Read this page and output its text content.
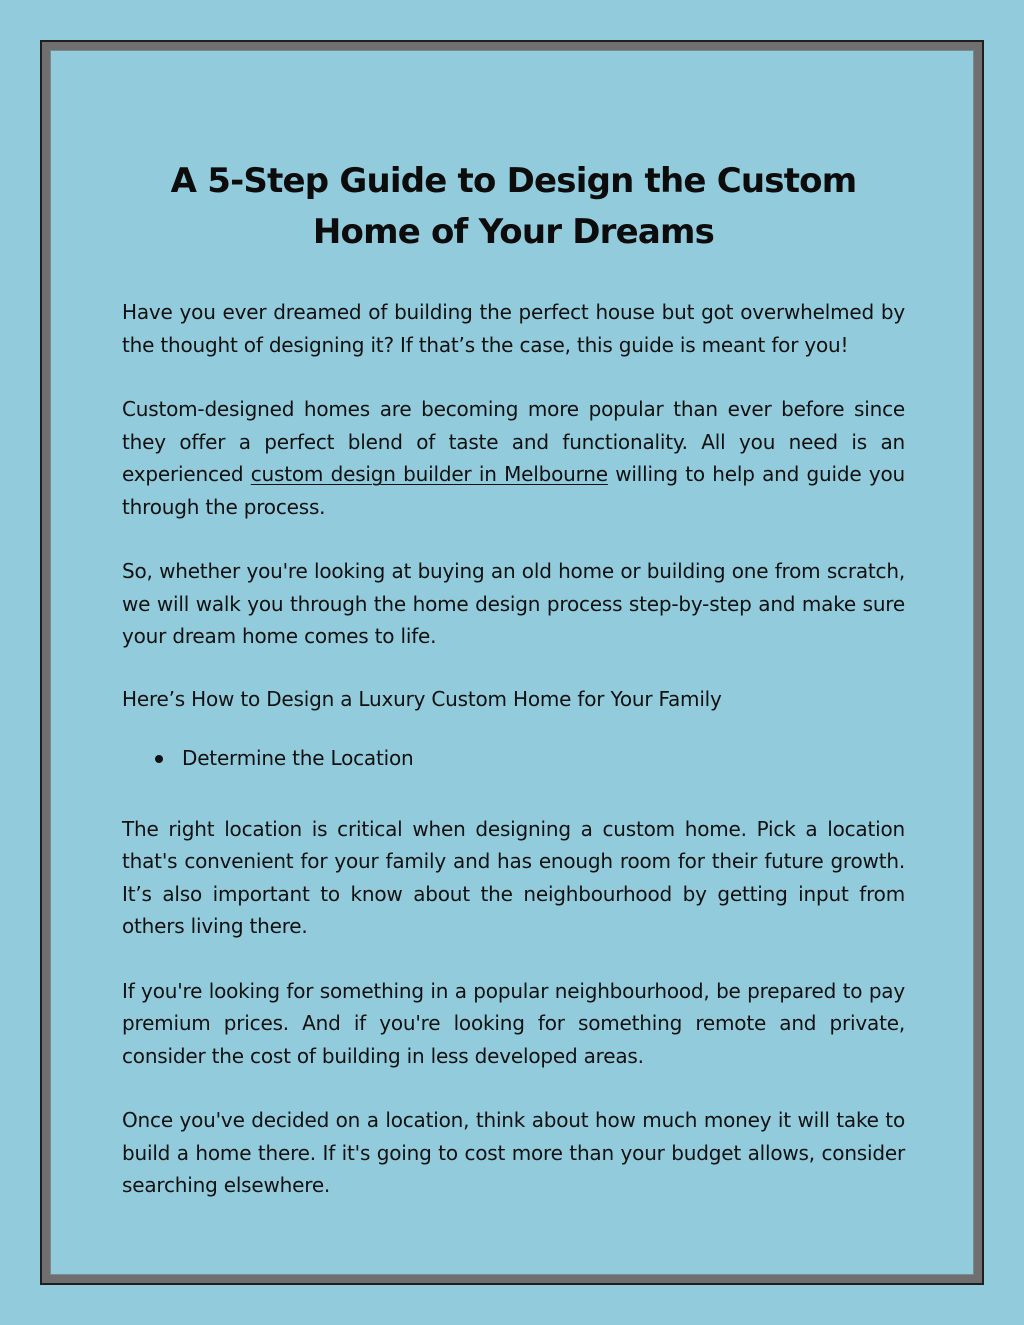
A 5-Step Guide to Design the Custom Home of Your Dreams

Have you ever dreamed of building the perfect house but got overwhelmed by the thought of designing it? If that’s the case, this guide is meant for you!

Custom-designed homes are becoming more popular than ever before since they offer a perfect blend of taste and functionality. All you need is an experienced custom design builder in Melbourne willing to help and guide you through the process.

So, whether you're looking at buying an old home or building one from scratch, we will walk you through the home design process step-by-step and make sure your dream home comes to life.

Here’s How to Design a Luxury Custom Home for Your Family

Determine the Location

The right location is critical when designing a custom home. Pick a location that's convenient for your family and has enough room for their future growth. It’s also important to know about the neighbourhood by getting input from others living there.

If you're looking for something in a popular neighbourhood, be prepared to pay premium prices. And if you're looking for something remote and private, consider the cost of building in less developed areas.

Once you've decided on a location, think about how much money it will take to build a home there. If it's going to cost more than your budget allows, consider searching elsewhere.
